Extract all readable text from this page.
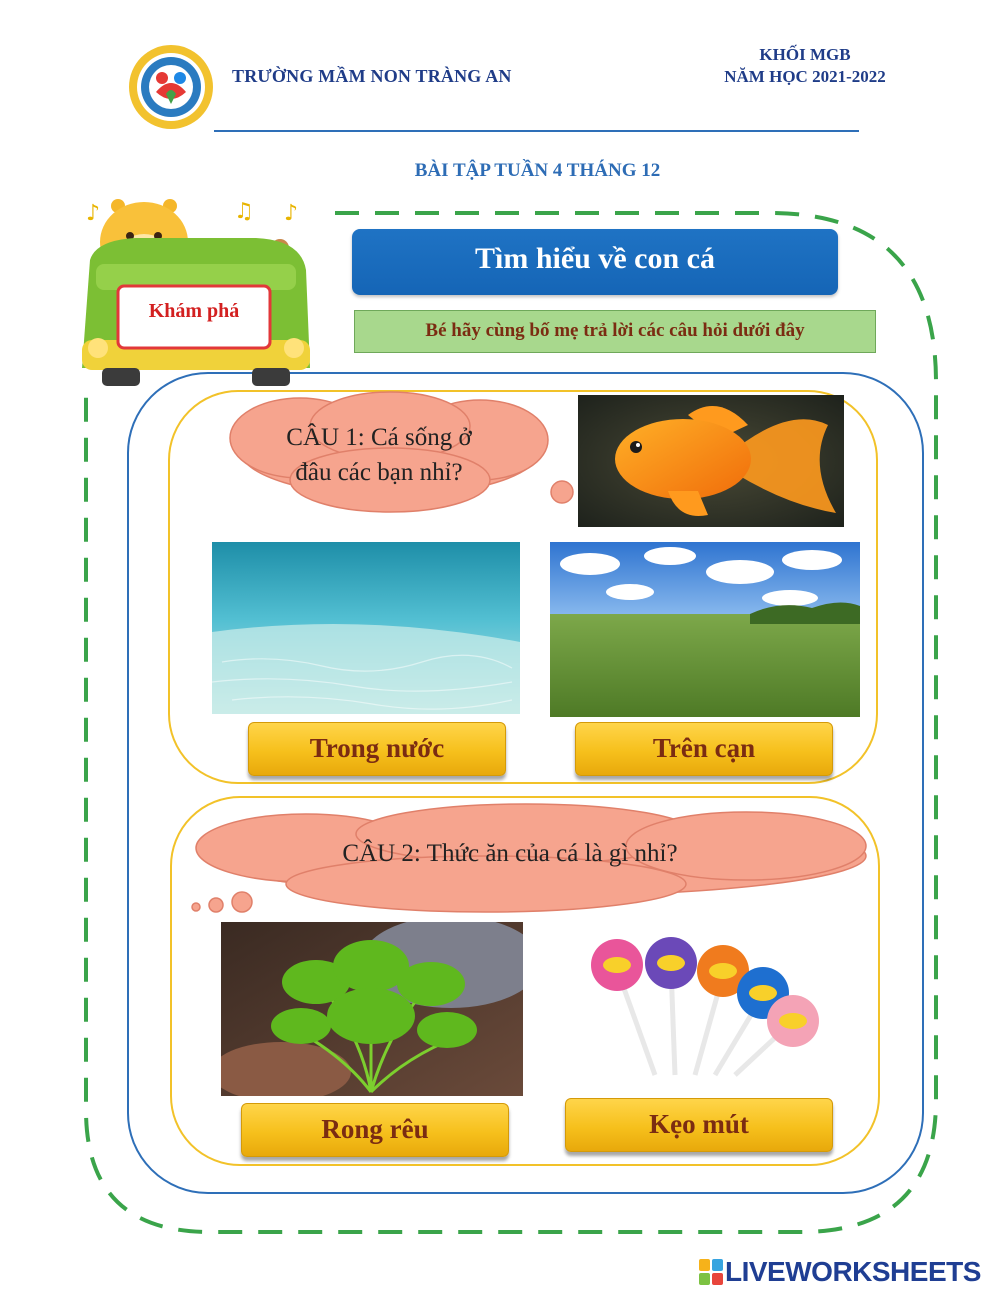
TRƯỜNG MẦM NON TRÀNG AN
KHỐI MGB
NĂM HỌC 2021-2022
BÀI TẬP TUẦN 4 THÁNG 12
♪	♫ ♪
Khám phá
Tìm hiểu về con cá
Bé hãy cùng bố mẹ trả lời các câu hỏi dưới đây
CÂU 1: Cá sống ở
đâu các bạn nhỉ?
Trong nước	Trên cạn
CÂU 2: Thức ăn của cá là gì nhỉ?
Rong rêu	Kẹo mút
LIVEWORKSHEETS
